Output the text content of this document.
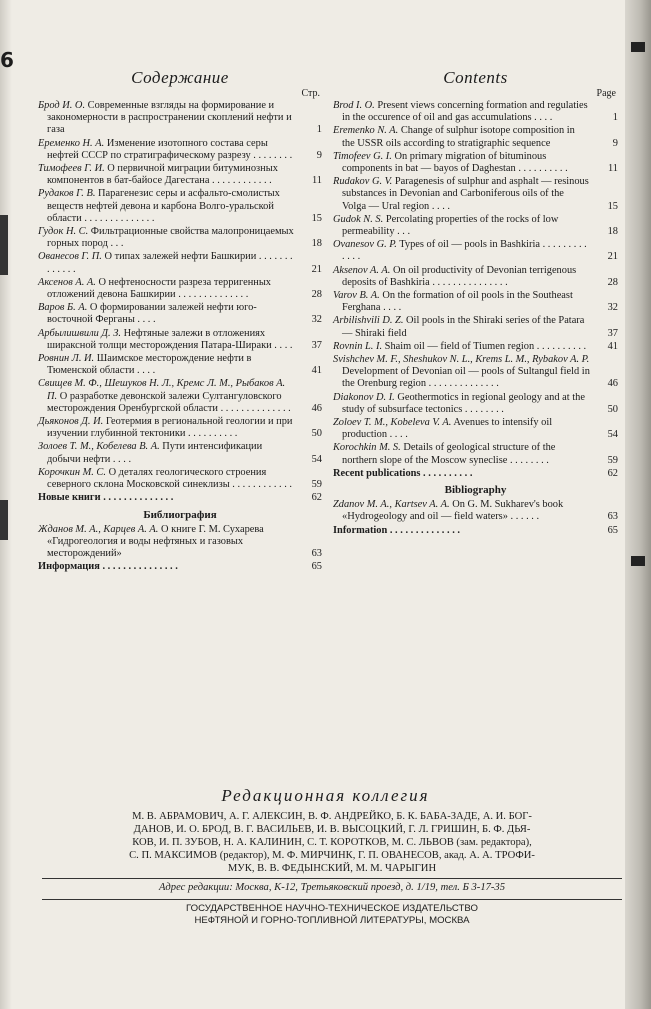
6
Содержание
Стр.
Брод И. О. Современные взгляды на формирование и закономерности в распространении скоплений нефти и газа	1
Еременко Н. А. Изменение изотопного состава серы нефтей СССР по стратиграфическому разрезу . . . . . . . .	9
Тимофеев Г. И. О первичной миграции битуминозных компонентов в бат-байосе Дагестана . . . . . . . . . . . .	11
Рудаков Г. В. Парагенезис серы и асфальто-смолистых веществ нефтей девона и карбона Волго-уральской области . . . . . . . . . . . . . .	15
Гудок Н. С. Фильтрационные свойства малопроницаемых горных пород . . .	18
Ованесов Г. П. О типах залежей нефти Башкирии . . . . . . . . . . . . .	21
Аксенов А. А. О нефтеносности разреза терригенных отложений девона Башкирии . . . . . . . . . . . . . .	28
Варов Б. А. О формировании залежей нефти юго-восточной Ферганы . . . .	32
Арбылишвили Д. З. Нефтяные залежи в отложениях шираксной толщи месторождения Патара-Шираки . . . .	37
Ровнин Л. И. Шаимское месторождение нефти в Тюменской области . . . .	41
Свищев М. Ф., Шешуков Н. Л., Кремс Л. М., Рыбаков А. П. О разработке девонской залежи Султангуловского месторождения Оренбургской области . . . . . . . . . . . . . .	46
Дьяконов Д. И. Геотермия в региональной геологии и при изучении глубинной тектоники . . . . . . . . . .	50
Золоев Т. М., Кобелева В. А. Пути интенсификации добычи нефти . . . .	54
Корочкин М. С. О деталях геологического строения северного склона Московской синеклизы . . . . . . . . . . . .	59
Новые книги . . . . . . . . . . . . . .	62
Библиография
Жданов М. А., Карцев А. А. О книге Г. М. Сухарева «Гидрогеология и воды нефтяных и газовых месторождений»	63
Информация . . . . . . . . . . . . . . .	65
Contents
Page
Brod I. O. Present views concerning formation and regulaties in the occurence of oil and gas accumulations . . . .	1
Eremenko N. A. Change of sulphur isotope composition in the USSR oils according to stratigraphic sequence	9
Timofeev G. I. On primary migration of bituminous components in bat — bayos of Daghestan . . . . . . . . . .	11
Rudakov G. V. Paragenesis of sulphur and asphalt — resinous substances in Devonian and Carboniferous oils of the Volga — Ural region . . . .	15
Gudok N. S. Percolating properties of the rocks of low permeability . . .	18
Ovanesov G. P. Types of oil — pools in Bashkiria . . . . . . . . . . . . .	21
Aksenov A. A. On oil productivity of Devonian terrigenous deposits of Bashkiria . . . . . . . . . . . . . . .	28
Varov B. A. On the formation of oil pools in the Southeast Ferghana . . . .	32
Arbilishvili D. Z. Oil pools in the Shiraki series of the Patara — Shiraki field	37
Rovnin L. I. Shaim oil — field of Tiumen region . . . . . . . . . .	41
Svishchev M. F., Sheshukov N. L., Krems L. M., Rybakov A. P. Development of Devonian oil — pools of Sultangul field in the Orenburg region . . . . . . . . . . . . . .	46
Diakonov D. I. Geothermotics in regional geology and at the study of subsurface tectonics . . . . . . . .	50
Zoloev T. M., Kobeleva V. A. Avenues to intensify oil production . . . .	54
Korochkin M. S. Details of geological structure of the northern slope of the Moscow syneclise . . . . . . . .	59
Recent publications . . . . . . . . . .	62
Bibliography
Zdanov M. A., Kartsev A. A. On G. M. Sukharev's book «Hydrogeology and oil — field waters» . . . . . .	63
Information . . . . . . . . . . . . . .	65
Редакционная коллегия
М. В. АБРАМОВИЧ, А. Г. АЛЕКСИН, В. Ф. АНДРЕЙКО, Б. К. БАБА-ЗАДЕ, А. И. БОГ-
ДАНОВ, И. О. БРОД, В. Г. ВАСИЛЬЕВ, И. В. ВЫСОЦКИЙ, Г. Л. ГРИШИН, Б. Ф. ДЬЯ-
КОВ, И. П. ЗУБОВ, Н. А. КАЛИНИН, С. Т. КОРОТКОВ, М. С. ЛЬВОВ (зам. редактора),
С. П. МАКСИМОВ (редактор), М. Ф. МИРЧИНК, Г. П. ОВАНЕСОВ, акад. А. А. ТРОФИ-
МУК, В. В. ФЕДЫНСКИЙ, М. М. ЧАРЫГИН
Адрес редакции: Москва, К-12, Третьяковский проезд, д. 1/19, тел. Б 3-17-35
ГОСУДАРСТВЕННОЕ НАУЧНО-ТЕХНИЧЕСКОЕ ИЗДАТЕЛЬСТВО
НЕФТЯНОЙ И ГОРНО-ТОПЛИВНОЙ ЛИТЕРАТУРЫ, МОСКВА
